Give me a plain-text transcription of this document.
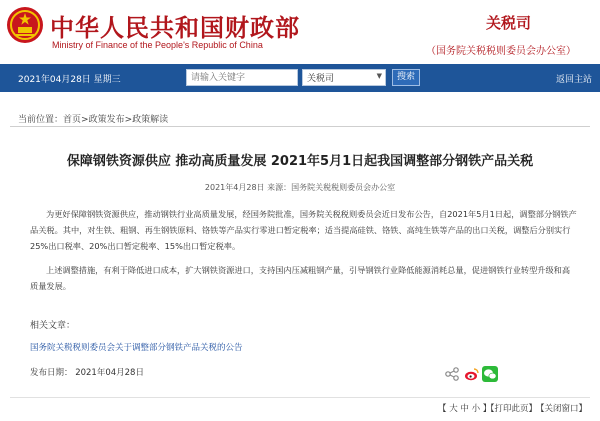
中华人民共和国财政部
Ministry of Finance of the People's Republic of China
关税司
（国务院关税税则委员会办公室）
2021年04月28日 星期三
请输入关键字	关税司	▼	搜索	返回主站
当前位置：首页>政策发布>政策解读
保障钢铁资源供应 推动高质量发展 2021年5月1日起我国调整部分钢铁产品关税
2021年4月28日 来源：国务院关税税则委员会办公室

为更好保障钢铁资源供应，推动钢铁行业高质量发展，经国务院批准，国务院关税税则委员会近日发布公告，自2021年5月1日起，调整部分钢铁产品关税。其中，对生铁、粗钢、再生钢铁原料、铬铁等产品实行零进口暂定税率；适当提高硅铁、铬铁、高纯生铁等产品的出口关税，调整后分别实行25%出口税率、20%出口暂定税率、15%出口暂定税率。

上述调整措施，有利于降低进口成本，扩大钢铁资源进口，支持国内压减粗钢产量，引导钢铁行业降低能源消耗总量，促进钢铁行业转型升级和高质量发展。

相关文章：
国务院关税税则委员会关于调整部分钢铁产品关税的公告
发布日期： 2021年04月28日
【 大 中 小 】
【打印此页】
【关闭窗口】
